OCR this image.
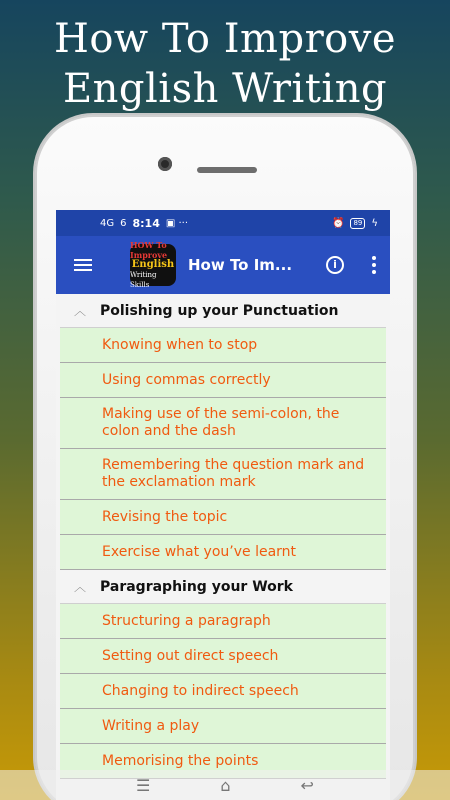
How To Improve
English Writing
4G 6 8:14 ▣ ···	⏰	89 ϟ
HOW To Improve
English
Writing Skills
How To Im...	i
︿	Polishing up your Punctuation
Knowing when to stop
Using commas correctly
Making use of the semi-colon, the colon and the dash
Remembering the question mark and the exclamation mark
Revising the topic
Exercise what you’ve learnt
︿	Paragraphing your Work
Structuring a paragraph
Setting out direct speech
Changing to indirect speech
Writing a play
Memorising the points
☰	⌂	↩
